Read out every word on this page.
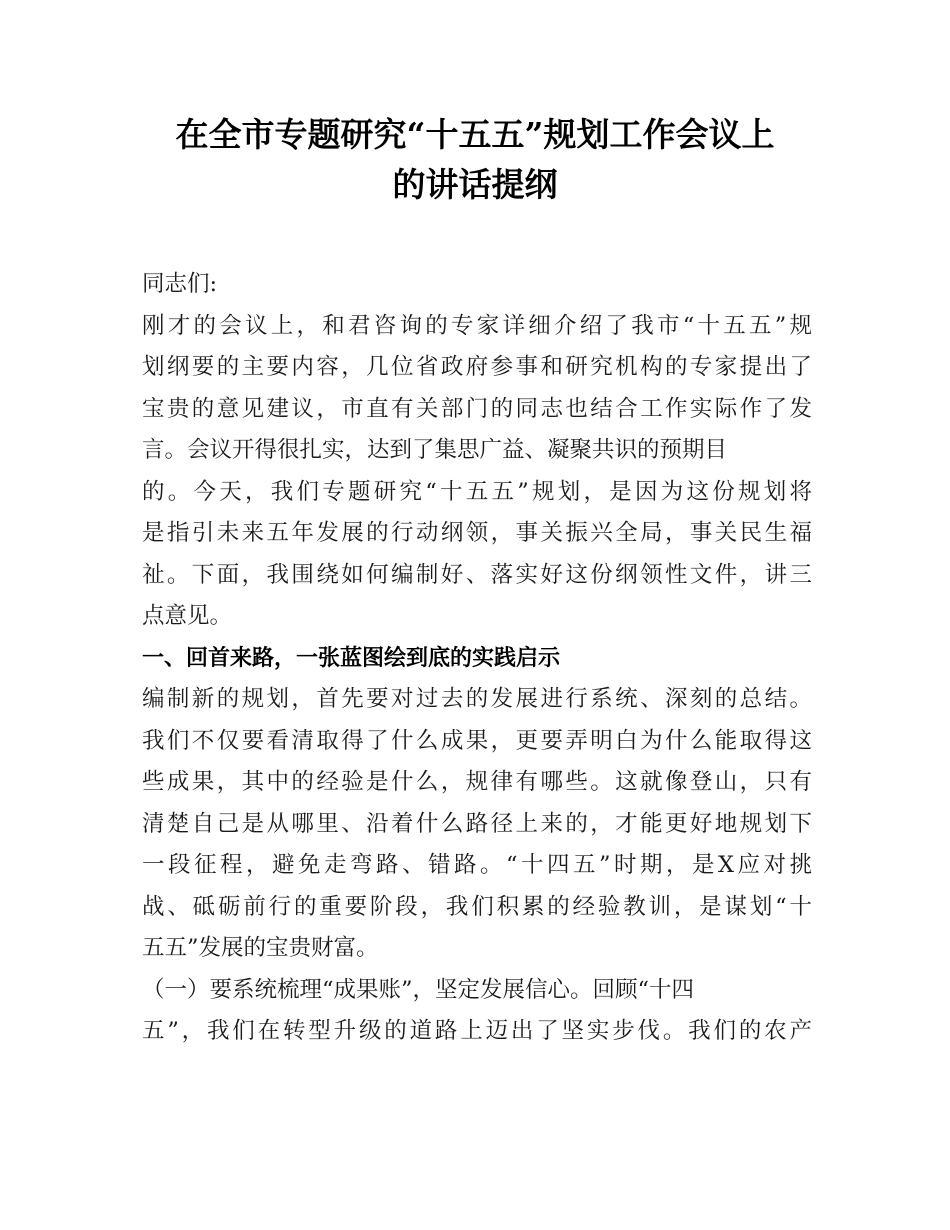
在全市专题研究“十五五”规划工作会议上
的讲话提纲
同志们:
刚才的会议上，和君咨询的专家详细介绍了我市“十五五”规
划纲要的主要内容，几位省政府参事和研究机构的专家提出了
宝贵的意见建议，市直有关部门的同志也结合工作实际作了发
言。会议开得很扎实，达到了集思广益、凝聚共识的预期目
的。今天，我们专题研究“十五五”规划，是因为这份规划将
是指引未来五年发展的行动纲领，事关振兴全局，事关民生福
祉。下面，我围绕如何编制好、落实好这份纲领性文件，讲三
点意见。
一、回首来路，一张蓝图绘到底的实践启示
编制新的规划，首先要对过去的发展进行系统、深刻的总结。
我们不仅要看清取得了什么成果，更要弄明白为什么能取得这
些成果，其中的经验是什么，规律有哪些。这就像登山，只有
清楚自己是从哪里、沿着什么路径上来的，才能更好地规划下
一段征程，避免走弯路、错路。“十四五”时期，是X应对挑
战、砥砺前行的重要阶段，我们积累的经验教训，是谋划“十
五五”发展的宝贵财富。
（一）要系统梳理“成果账”，坚定发展信心。回顾“十四
五”，我们在转型升级的道路上迈出了坚实步伐。我们的农产
